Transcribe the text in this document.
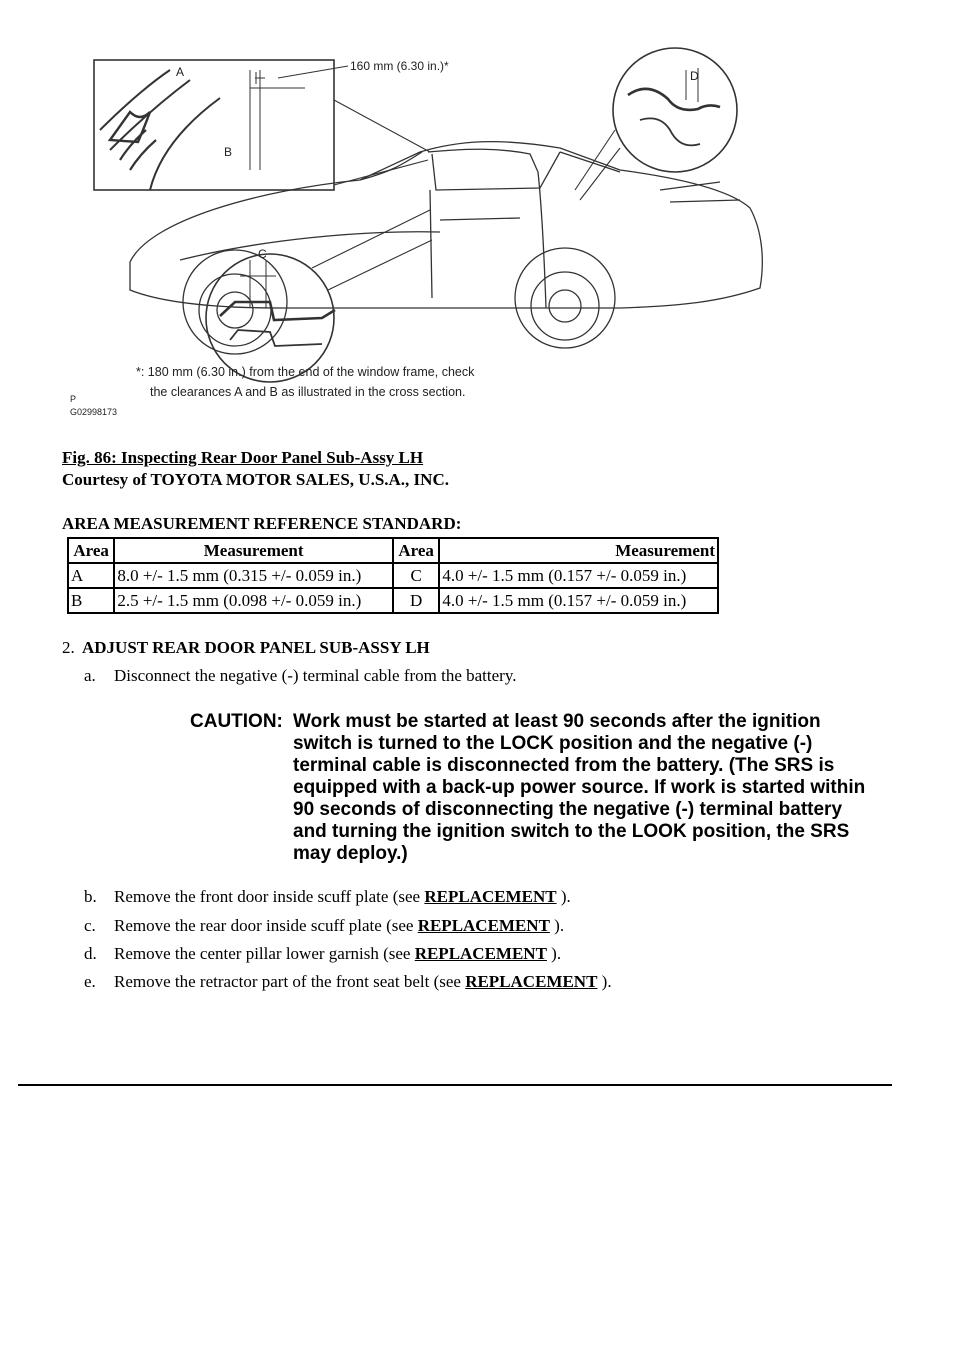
160 mm (6.30 in.)*
A
B
C
D
*: 180 mm (6.30 in.) from the end of the window frame, check
the clearances A and B as illustrated in the cross section.
P
G02998173
Fig. 86: Inspecting Rear Door Panel Sub-Assy LH
Courtesy of TOYOTA MOTOR SALES, U.S.A., INC.
AREA MEASUREMENT REFERENCE STANDARD:
Area	Measurement	Area	Measurement
A	8.0 +/- 1.5 mm (0.315 +/- 0.059 in.)	C	4.0 +/- 1.5 mm (0.157 +/- 0.059 in.)
B	2.5 +/- 1.5 mm (0.098 +/- 0.059 in.)	D	4.0 +/- 1.5 mm (0.157 +/- 0.059 in.)
2. ADJUST REAR DOOR PANEL SUB-ASSY LH
a. Disconnect the negative (-) terminal cable from the battery.
CAUTION: Work must be started at least 90 seconds after the ignition
switch is turned to the LOCK position and the negative (-)
terminal cable is disconnected from the battery. (The SRS is
equipped with a back-up power source. If work is started within
90 seconds of disconnecting the negative (-) terminal battery
and turning the ignition switch to the LOOK position, the SRS
may deploy.)
b. Remove the front door inside scuff plate (see REPLACEMENT ).
c. Remove the rear door inside scuff plate (see REPLACEMENT ).
d. Remove the center pillar lower garnish (see REPLACEMENT ).
e. Remove the retractor part of the front seat belt (see REPLACEMENT ).
